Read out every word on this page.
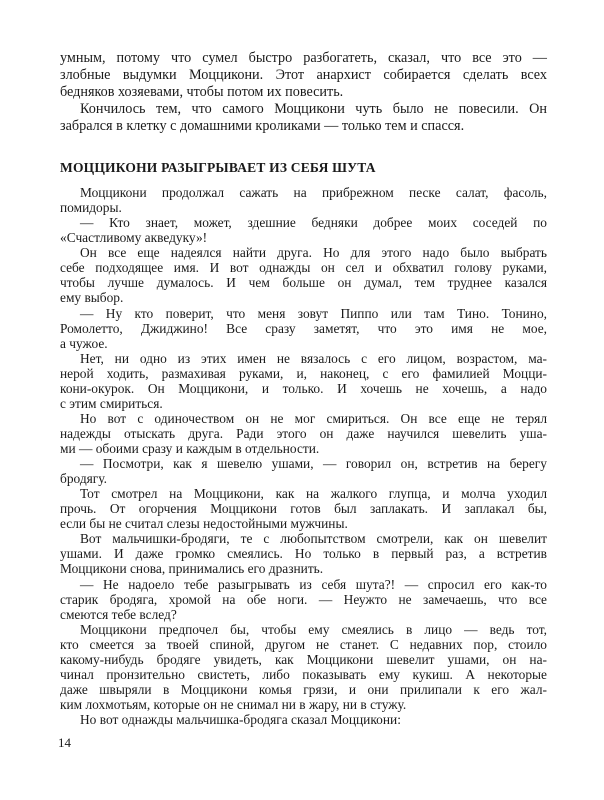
умным, потому что сумел быстро разбогатеть, сказал, что все это —
злобные выдумки Моццикони. Этот анархист собирается сделать всех
бедняков хозяевами, чтобы потом их повесить.
Кончилось тем, что самого Моццикони чуть было не повесили. Он
забрался в клетку с домашними кроликами — только тем и спасся.
МОЦЦИКОНИ РАЗЫГРЫВАЕТ ИЗ СЕБЯ ШУТА
Моццикони продолжал сажать на прибрежном песке салат, фасоль,
помидоры.
— Кто знает, может, здешние бедняки добрее моих соседей по
«Счастливому акведуку»!
Он все еще надеялся найти друга. Но для этого надо было выбрать
себе подходящее имя. И вот однажды он сел и обхватил голову руками,
чтобы лучше думалось. И чем больше он думал, тем труднее казался
ему выбор.
— Ну кто поверит, что меня зовут Пиппо или там Тино. Тонино,
Ромолетто, Джиджино! Все сразу заметят, что это имя не мое,
а чужое.
Нет, ни одно из этих имен не вязалось с его лицом, возрастом, ма-
нерой ходить, размахивая руками, и, наконец, с его фамилией Моцци-
кони-окурок. Он Моццикони, и только. И хочешь не хочешь, а надо
с этим смириться.
Но вот с одиночеством он не мог смириться. Он все еще не терял
надежды отыскать друга. Ради этого он даже научился шевелить уша-
ми — обоими сразу и каждым в отдельности.
— Посмотри, как я шевелю ушами, — говорил он, встретив на берегу
бродягу.
Тот смотрел на Моццикони, как на жалкого глупца, и молча уходил
прочь. От огорчения Моццикони готов был заплакать. И заплакал бы,
если бы не считал слезы недостойными мужчины.
Вот мальчишки-бродяги, те с любопытством смотрели, как он шевелит
ушами. И даже громко смеялись. Но только в первый раз, а встретив
Моццикони снова, принимались его дразнить.
— Не надоело тебе разыгрывать из себя шута?! — спросил его как-то
старик бродяга, хромой на обе ноги. — Неужто не замечаешь, что все
смеются тебе вслед?
Моццикони предпочел бы, чтобы ему смеялись в лицо — ведь тот,
кто смеется за твоей спиной, другом не станет. С недавних пор, стоило
какому-нибудь бродяге увидеть, как Моццикони шевелит ушами, он на-
чинал пронзительно свистеть, либо показывать ему кукиш. А некоторые
даже швыряли в Моццикони комья грязи, и они прилипали к его жал-
ким лохмотьям, которые он не снимал ни в жару, ни в стужу.
Но вот однажды мальчишка-бродяга сказал Моццикони:
14
